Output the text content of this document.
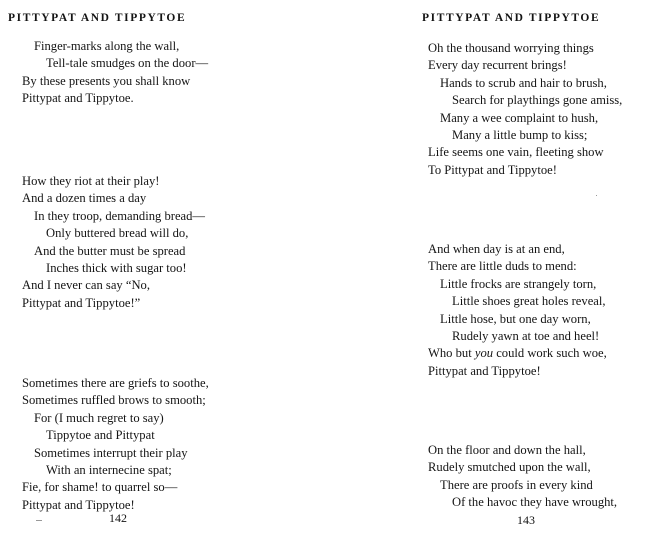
PITTYPAT AND TIPPYTOE
Finger-marks along the wall,
Tell-tale smudges on the door—
By these presents you shall know
Pittypat and Tippytoe.
How they riot at their play!
And a dozen times a day
In they troop, demanding bread—
Only buttered bread will do,
And the butter must be spread
Inches thick with sugar too!
And I never can say “No,
Pittypat and Tippytoe!”
Sometimes there are griefs to soothe,
Sometimes ruffled brows to smooth;
For (I much regret to say)
Tippytoe and Pittypat
Sometimes interrupt their play
With an internecine spat;
Fie, for shame! to quarrel so—
Pittypat and Tippytoe!
142
PITTYPAT AND TIPPYTOE
Oh the thousand worrying things
Every day recurrent brings!
Hands to scrub and hair to brush,
Search for playthings gone amiss,
Many a wee complaint to hush,
Many a little bump to kiss;
Life seems one vain, fleeting show
To Pittypat and Tippytoe!
And when day is at an end,
There are little duds to mend:
Little frocks are strangely torn,
Little shoes great holes reveal,
Little hose, but one day worn,
Rudely yawn at toe and heel!
Who but you could work such woe,
Pittypat and Tippytoe!
On the floor and down the hall,
Rudely smutched upon the wall,
There are proofs in every kind
Of the havoc they have wrought,
143
